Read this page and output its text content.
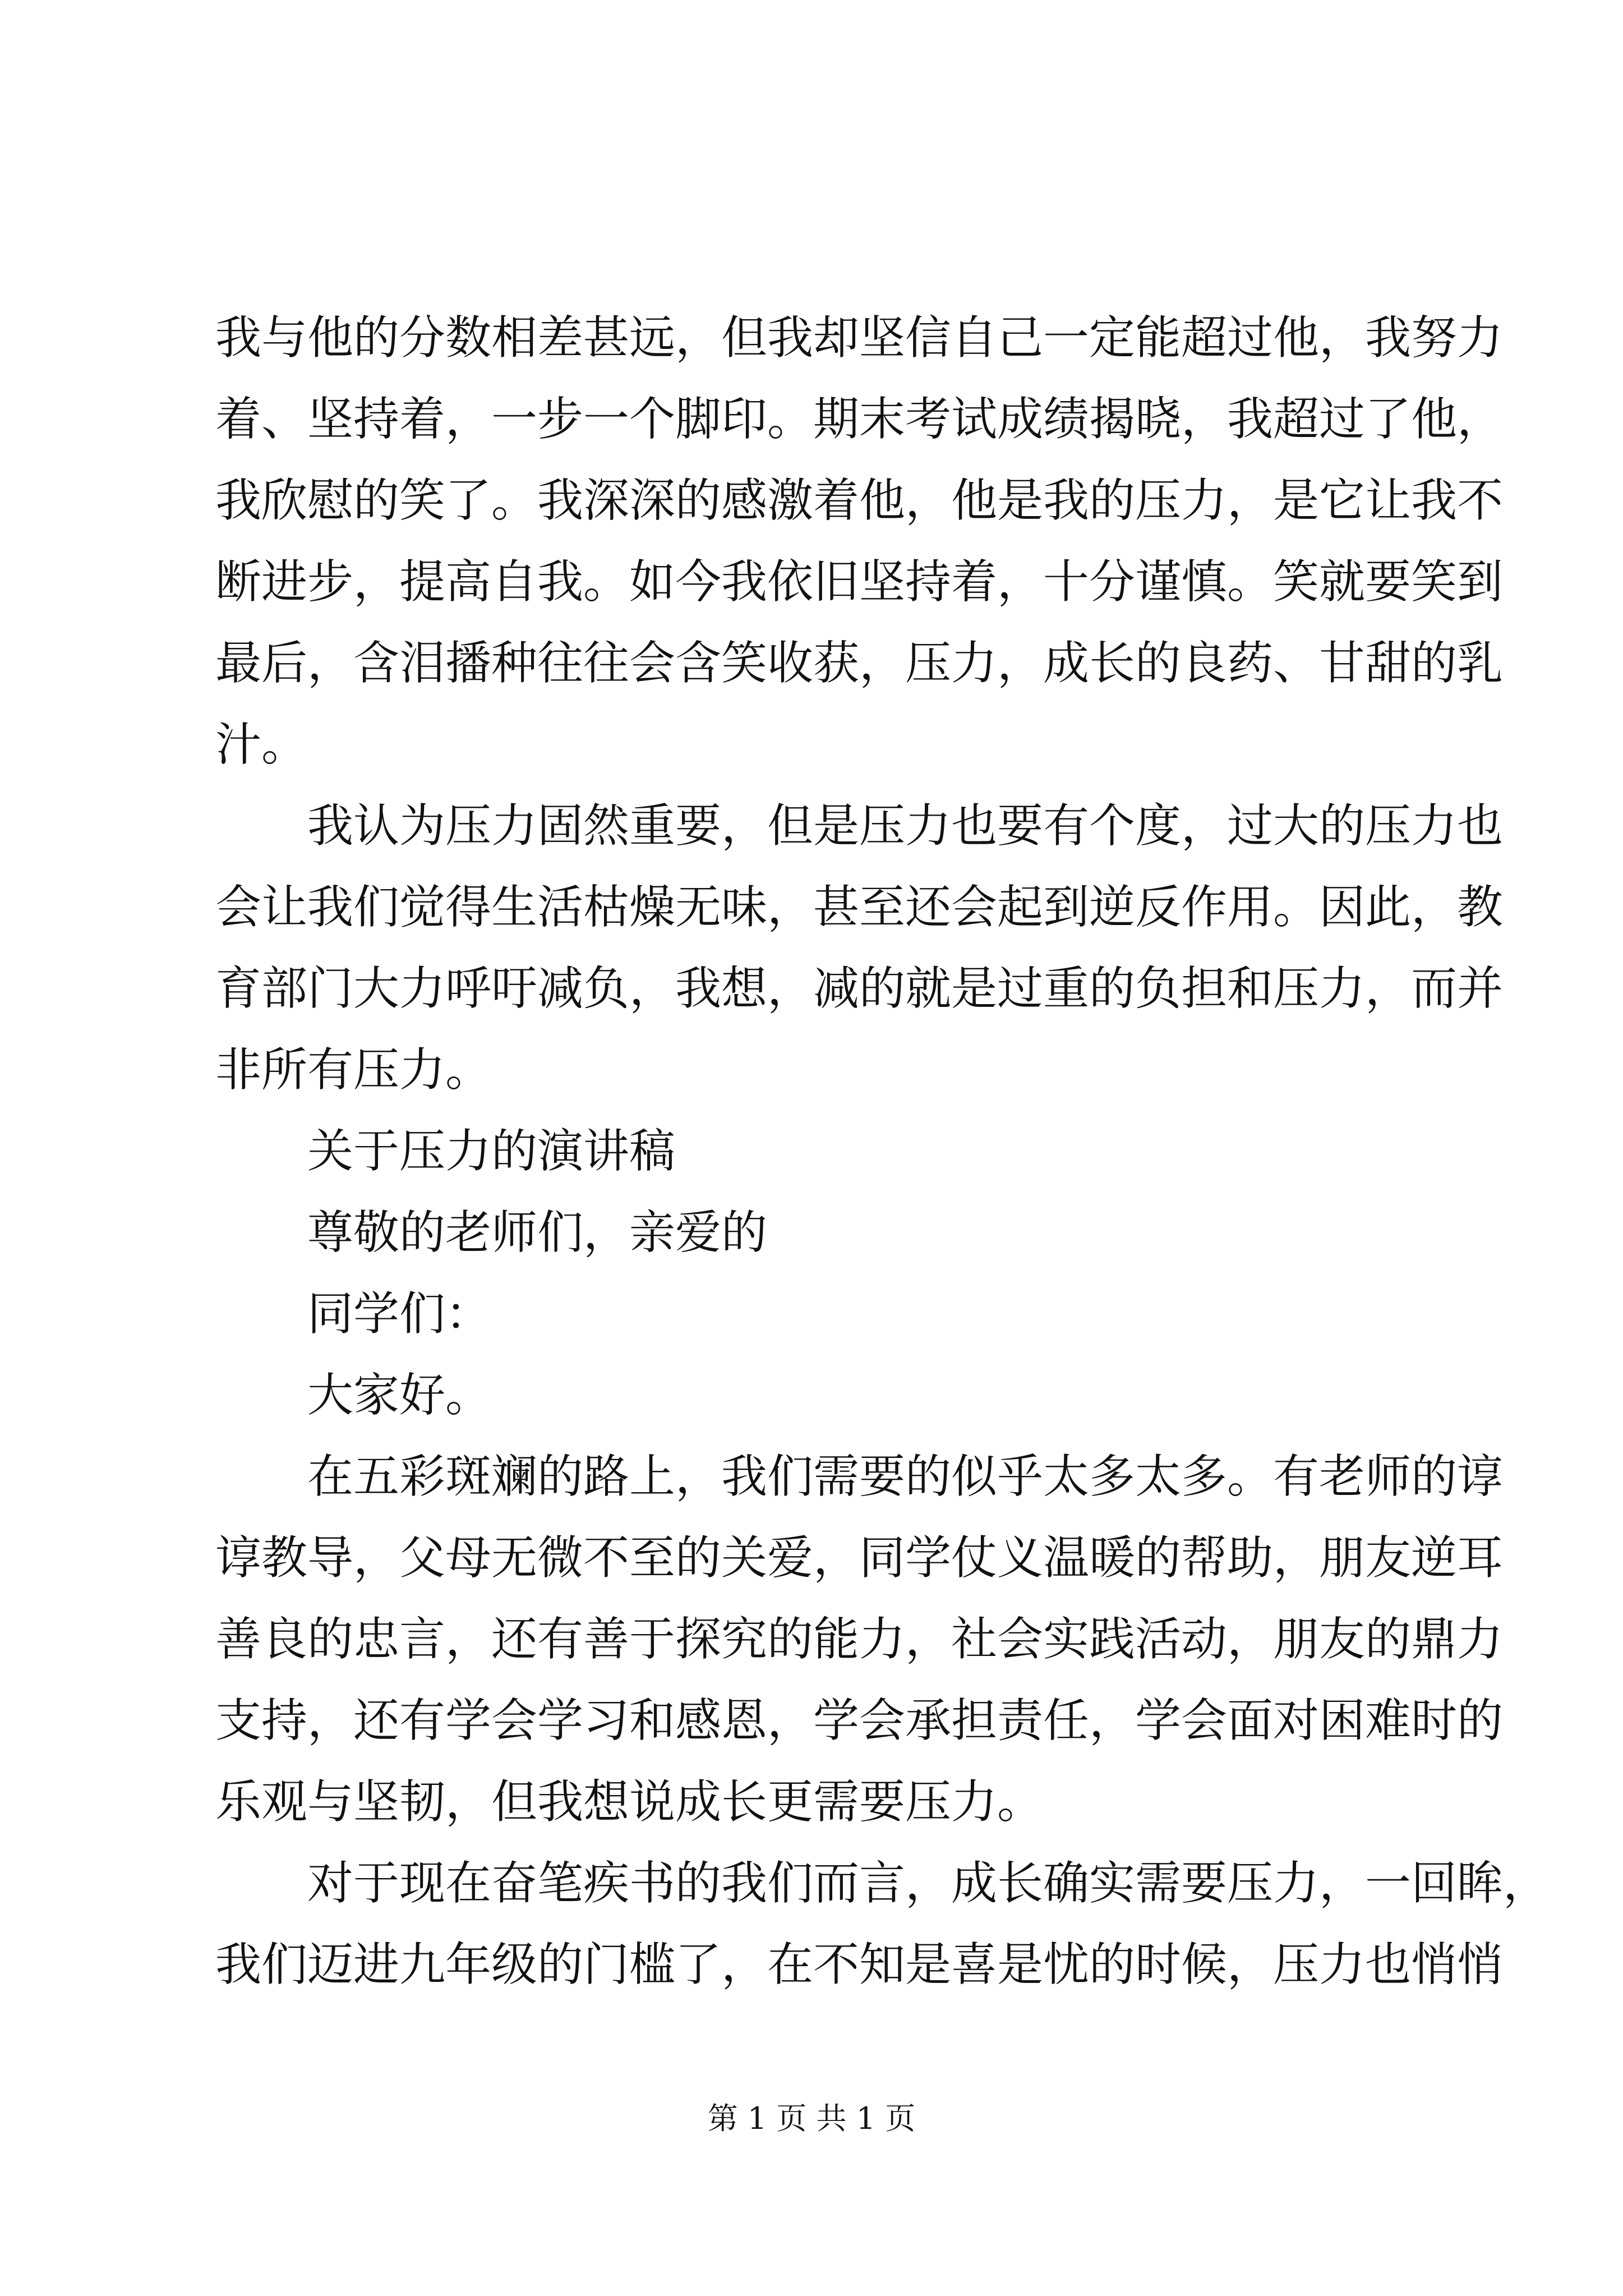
我与他的分数相差甚远，但我却坚信自己一定能超过他，我努力
着、坚持着，一步一个脚印。期末考试成绩揭晓，我超过了他，
我欣慰的笑了。我深深的感激着他，他是我的压力，是它让我不
断进步，提高自我。如今我依旧坚持着，十分谨慎。笑就要笑到
最后，含泪播种往往会含笑收获，压力，成长的良药、甘甜的乳
汁。
我认为压力固然重要，但是压力也要有个度，过大的压力也
会让我们觉得生活枯燥无味，甚至还会起到逆反作用。因此，教
育部门大力呼吁减负，我想，减的就是过重的负担和压力，而并
非所有压力。
关于压力的演讲稿
尊敬的老师们，亲爱的
同学们：
大家好。
在五彩斑斓的路上，我们需要的似乎太多太多。有老师的谆
谆教导，父母无微不至的关爱，同学仗义温暖的帮助，朋友逆耳
善良的忠言，还有善于探究的能力，社会实践活动，朋友的鼎力
支持，还有学会学习和感恩，学会承担责任，学会面对困难时的
乐观与坚韧，但我想说成长更需要压力。
对于现在奋笔疾书的我们而言，成长确实需要压力，一回眸，
我们迈进九年级的门槛了，在不知是喜是忧的时候，压力也悄悄
第 1 页 共 1 页
